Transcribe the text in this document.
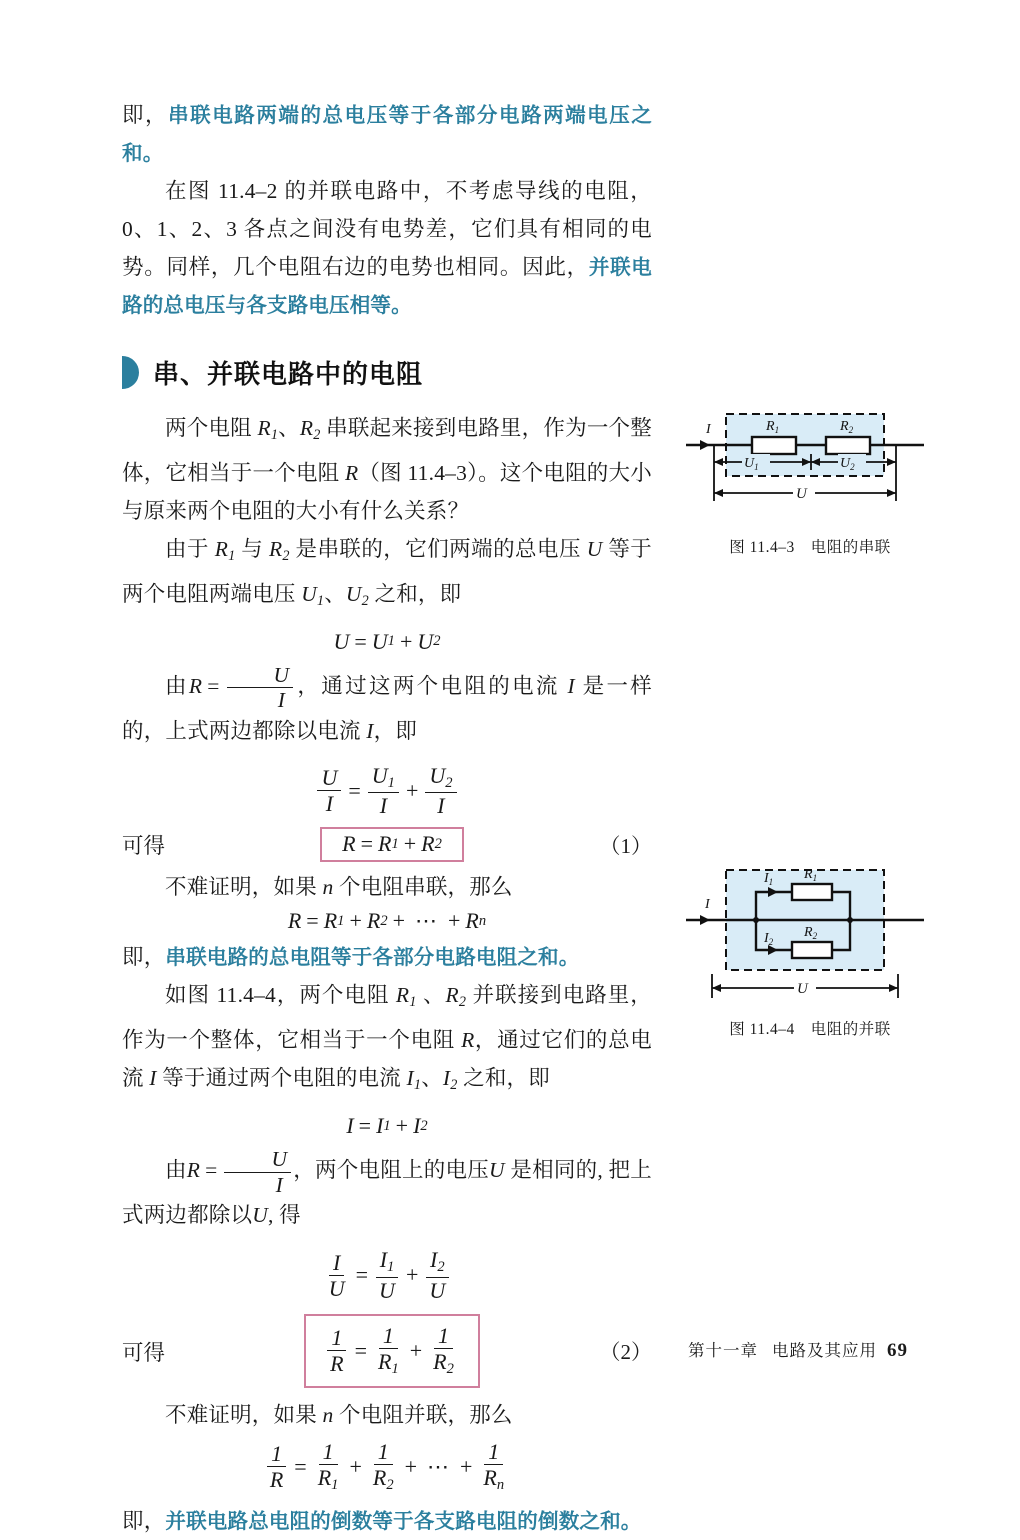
即，串联电路两端的总电压等于各部分电路两端电压之和。

在图 11.4–2 的并联电路中，不考虑导线的电阻，0、1、2、3 各点之间没有电势差，它们具有相同的电势。同样，几个电阻右边的电势也相同。因此，并联电路的总电压与各支路电压相等。

串、并联电路中的电阻

两个电阻 $R_1$、$R_2$ 串联起来接到电路里，作为一个整体，它相当于一个电阻 R（图 11.4–3）。这个电阻的大小与原来两个电阻的大小有什么关系？

由于 $R_1$ 与 $R_2$ 是串联的，它们两端的总电压 U 等于两个电阻两端电压 $U_1$、$U_2$ 之和，即

U = U 1 + U 2

由$R = \frac{U}{I}$ ，通过这两个电阻的电流 I 是一样的，上式两边都除以电流 I，即

$\frac{U}{I} = \frac{U_1}{I} + \frac{U_2}{I}$
可得	R = R 1 + R 2	（1）

不难证明，如果 n 个电阻串联，那么

R = R 1 + R 2 + ⋯ + R n

即，串联电路的总电阻等于各部分电路电阻之和。

如图 11.4–4，两个电阻 $R_1$ 、$R_2$ 并联接到电路里，作为一个整体，它相当于一个电阻 R，通过它们的总电流 I 等于通过两个电阻的电流 $I_1$、$I_2$ 之和，即

I = I 1 + I 2

由$R = \frac{U}{I}$ ，两个电阻上的电压U 是相同的, 把上式两边都除以U, 得

$\frac{I}{U} = \frac{I_1}{U} + \frac{I_2}{U}$
可得	$\frac{1}{R} = \frac{1}{R_1} + \frac{1}{R_2}$	（2）

不难证明，如果 n 个电阻并联，那么

$\frac{1}{R} = \frac{1}{R_1} + \frac{1}{R_2}$ + ⋯ + $\frac{1}{R_n}$

即，并联电路总电阻的倒数等于各支路电阻的倒数之和。

I	$R_1$	$R_2$
$U_1$	$U_2$
U
图 11.4–3 电阻的串联
I
$I_1$ $R_1$
$I_2$
$R_2$
U
图 11.4–4 电阻的并联
第十一章 电路及其应用 69
